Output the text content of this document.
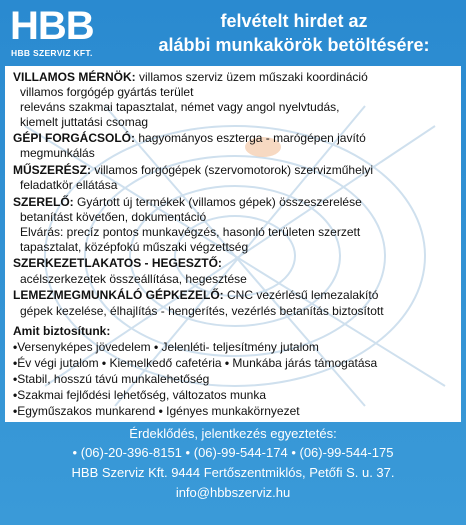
HBB
HBB SZERVIZ KFT.
felvételt hirdet az
alábbi munkakörök betöltésére:
VILLAMOS MÉRNÖK: villamos szerviz üzem műszaki koordináció
villamos forgógép gyártás terület
releváns szakmai tapasztalat, német vagy angol nyelvtudás,
kiemelt juttatási csomag
GÉPI FORGÁCSOLÓ: hagyományos eszterga - marógépen javító
megmunkálás
MŰSZERÉSZ: villamos forgógépek (szervomotorok) szervizműhelyi
feladatkör ellátása
SZERELŐ: Gyártott új termékek (villamos gépek) összeszerelése
betanítást követően, dokumentáció
Elvárás: precíz pontos munkavégzés, hasonló területen szerzett
tapasztalat, középfokú műszaki végzettség
SZERKEZETLAKATOS - HEGESZTŐ:
acélszerkezetek összeállítása, hegesztése
LEMEZMEGMUNKÁLÓ GÉPKEZELŐ: CNC vezérlésű lemezalakító
gépek kezelése, élhajlítás - hengerítés, vezérlés betanítás biztosított
Amit biztosítunk:
•Versenyképes jövedelem • Jelenléti- teljesítmény jutalom
•Év végi jutalom • Kiemelkedő cafetéria • Munkába járás támogatása
•Stabil, hosszú távú munkalehetőség
•Szakmai fejlődési lehetőség, változatos munka
•Egyműszakos munkarend • Igényes munkakörnyezet
Érdeklődés, jelentkezés egyeztetés:
• (06)-20-396-8151 • (06)-99-544-174 • (06)-99-544-175
HBB Szerviz Kft. 9444 Fertőszentmiklós, Petőfi S. u. 37.
info@hbbszerviz.hu
